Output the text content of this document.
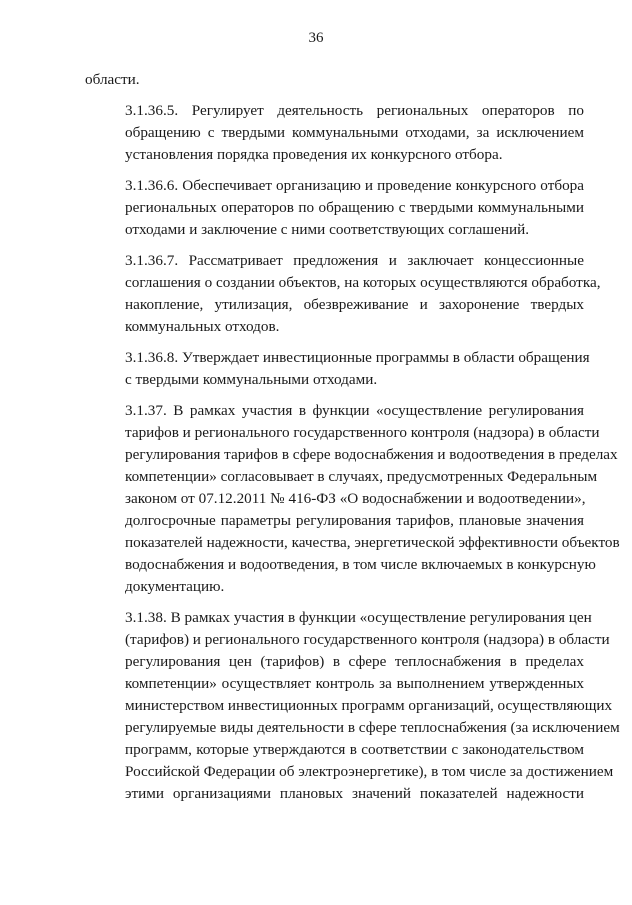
36
области.
3.1.36.5. Регулирует деятельность региональных операторов по
обращению с твердыми коммунальными отходами, за исключением
установления порядка проведения их конкурсного отбора.
3.1.36.6. Обеспечивает организацию и проведение конкурсного отбора
региональных операторов по обращению с твердыми коммунальными
отходами и заключение с ними соответствующих соглашений.
3.1.36.7. Рассматривает предложения и заключает концессионные
соглашения о создании объектов, на которых осуществляются обработка,
накопление, утилизация, обезвреживание и захоронение твердых
коммунальных отходов.
3.1.36.8. Утверждает инвестиционные программы в области обращения
с твердыми коммунальными отходами.
3.1.37. В рамках участия в функции «осуществление регулирования
тарифов и регионального государственного контроля (надзора) в области
регулирования тарифов в сфере водоснабжения и водоотведения в пределах
компетенции» согласовывает в случаях, предусмотренных Федеральным
законом от 07.12.2011 № 416-ФЗ «О водоснабжении и водоотведении»,
долгосрочные параметры регулирования тарифов, плановые значения
показателей надежности, качества, энергетической эффективности объектов
водоснабжения и водоотведения, в том числе включаемых в конкурсную
документацию.
3.1.38. В рамках участия в функции «осуществление регулирования цен
(тарифов) и регионального государственного контроля (надзора) в области
регулирования цен (тарифов) в сфере теплоснабжения в пределах
компетенции» осуществляет контроль за выполнением утвержденных
министерством инвестиционных программ организаций, осуществляющих
регулируемые виды деятельности в сфере теплоснабжения (за исключением
программ, которые утверждаются в соответствии с законодательством
Российской Федерации об электроэнергетике), в том числе за достижением
этими организациями плановых значений показателей надежности
